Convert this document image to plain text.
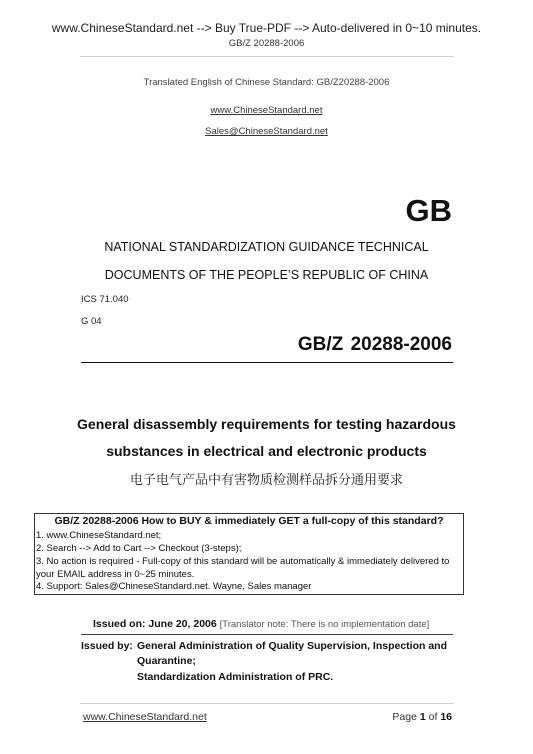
www.ChineseStandard.net --> Buy True-PDF --> Auto-delivered in 0~10 minutes.
GB/Z 20288-2006
Translated English of Chinese Standard: GB/Z20288-2006
www.ChineseStandard.net
Sales@ChineseStandard.net
GB
NATIONAL STANDARDIZATION GUIDANCE TECHNICAL
DOCUMENTS OF THE PEOPLE’S REPUBLIC OF CHINA
ICS 71.040
G 04
GB/Z 20288-2006
General disassembly requirements for testing hazardous
substances in electrical and electronic products
电子电气产品中有害物质检测样品拆分通用要求
GB/Z 20288-2006 How to BUY & immediately GET a full-copy of this standard?
1. www.ChineseStandard.net;
2. Search --> Add to Cart --> Checkout (3-steps);
3. No action is required - Full-copy of this standard will be automatically & immediately delivered to
your EMAIL address in 0~25 minutes.
4. Support: Sales@ChineseStandard.net. Wayne, Sales manager
Issued on: June 20, 2006 [Translator note: There is no implementation date]
Issued by: General Administration of Quality Supervision, Inspection and
Quarantine;
Standardization Administration of PRC.
www.ChineseStandard.net	Page 1 of 16
